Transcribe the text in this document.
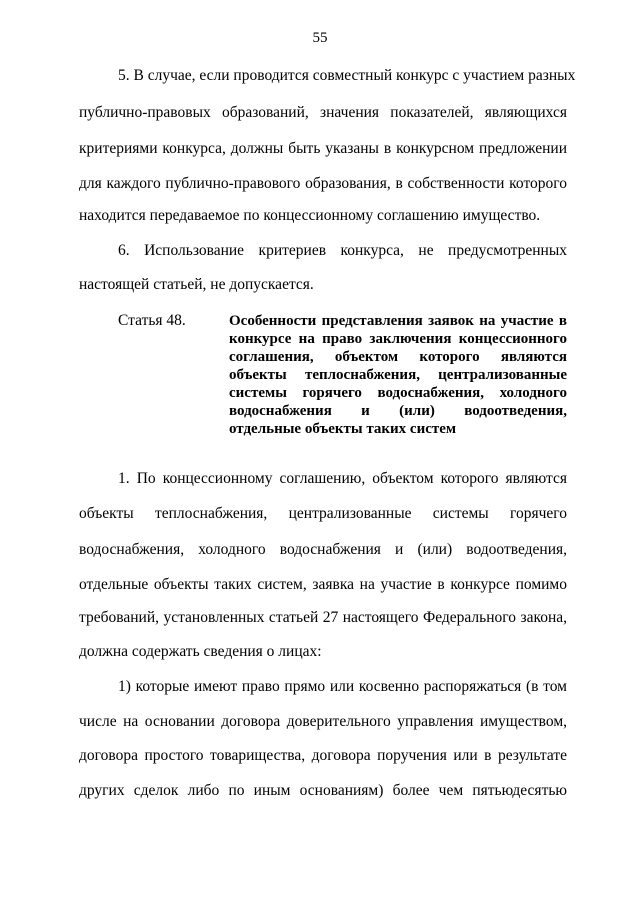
55
5. В случае, если проводится совместный конкурс с участием разных
публично-правовых образований, значения показателей, являющихся
критериями конкурса, должны быть указаны в конкурсном предложении
для каждого публично-правового образования, в собственности которого
находится передаваемое по концессионному соглашению имущество.
6. Использование критериев конкурса, не предусмотренных
настоящей статьей, не допускается.
Статья 48.	Особенности представления заявок на участие в
конкурсе на право заключения концессионного
соглашения, объектом которого являются
объекты теплоснабжения, централизованные
системы горячего водоснабжения, холодного
водоснабжения и (или) водоотведения,
отдельные объекты таких систем
1. По концессионному соглашению, объектом которого являются
объекты теплоснабжения, централизованные системы горячего
водоснабжения, холодного водоснабжения и (или) водоотведения,
отдельные объекты таких систем, заявка на участие в конкурсе помимо
требований, установленных статьей 27 настоящего Федерального закона,
должна содержать сведения о лицах:
1) которые имеют право прямо или косвенно распоряжаться (в том
числе на основании договора доверительного управления имуществом,
договора простого товарищества, договора поручения или в результате
других сделок либо по иным основаниям) более чем пятьюдесятью
